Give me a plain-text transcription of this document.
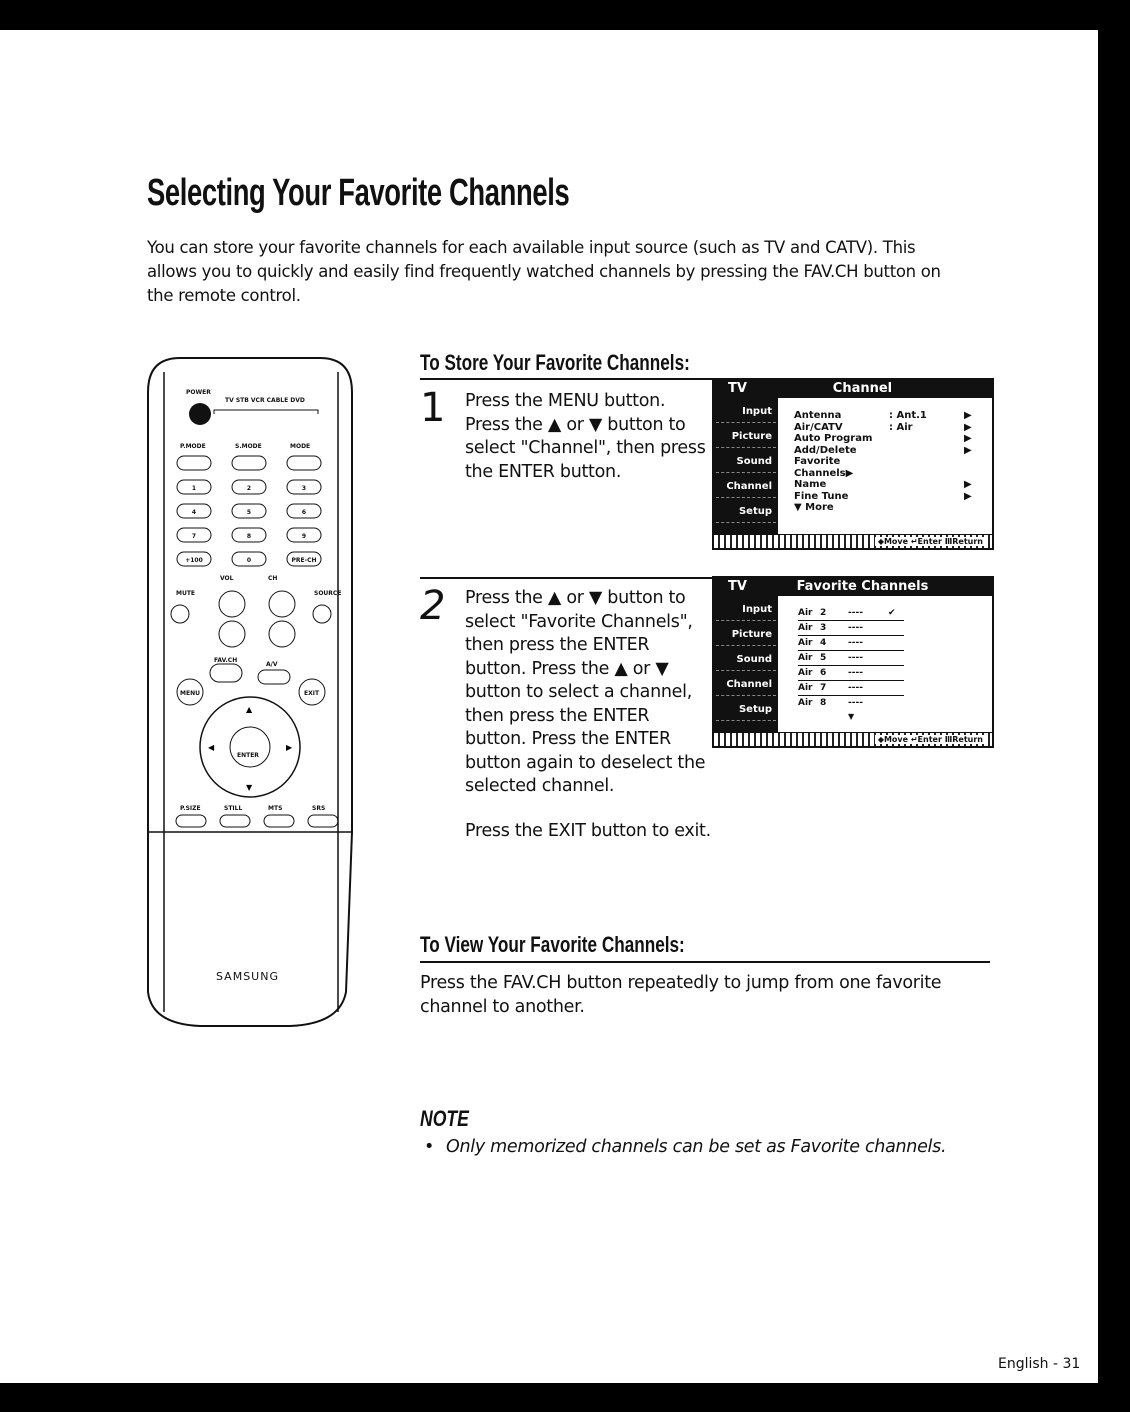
Selecting Your Favorite Channels

You can store your favorite channels for each available input source (such as TV and CATV). This allows you to quickly and easily find frequently watched channels by pressing the FAV.CH button on the remote control.

POWER
TV STB VCR CABLE DVD
P.MODE	S.MODE	MODE
1	2	3
4	5	6
7	8	9
+100	0	PRE-CH
VOL	CH
MUTE	SOURCE
FAV.CH
A/V
ENTER
▲
▼
◀	▶
MENU	EXIT
P.SIZE	STILL	MTS	SRS
SAMSUNG
To Store Your Favorite Channels:
1 Press the MENU button. Press the ▲ or ▼ button to select "Channel", then press the ENTER button.
TV	Channel
Input
Picture
Sound
Channel
Setup
Antenna	: Ant.1	▶
Air/CATV	: Air	▶
Auto Program	▶
Add/Delete	▶
Favorite Channels▶
Name	▶
Fine Tune	▶
▼ More
◆Move ↵Enter ⅢReturn
2 Press the ▲ or ▼ button to select "Favorite Channels", then press the ENTER button. Press the ▲ or ▼ button to select a channel, then press the ENTER button. Press the ENTER button again to deselect the selected channel.
TV	Favorite Channels
Input
Picture
Sound
Channel
Setup
Air 2	----	✔
Air 3	----
Air 4	----
Air 5	----
Air 6	----
Air 7	----
Air 8	----
▼
◆Move ↵Enter ⅢReturn
Press the EXIT button to exit.
To View Your Favorite Channels:
Press the FAV.CH button repeatedly to jump from one favorite channel to another.
NOTE
• Only memorized channels can be set as Favorite channels.
English - 31
